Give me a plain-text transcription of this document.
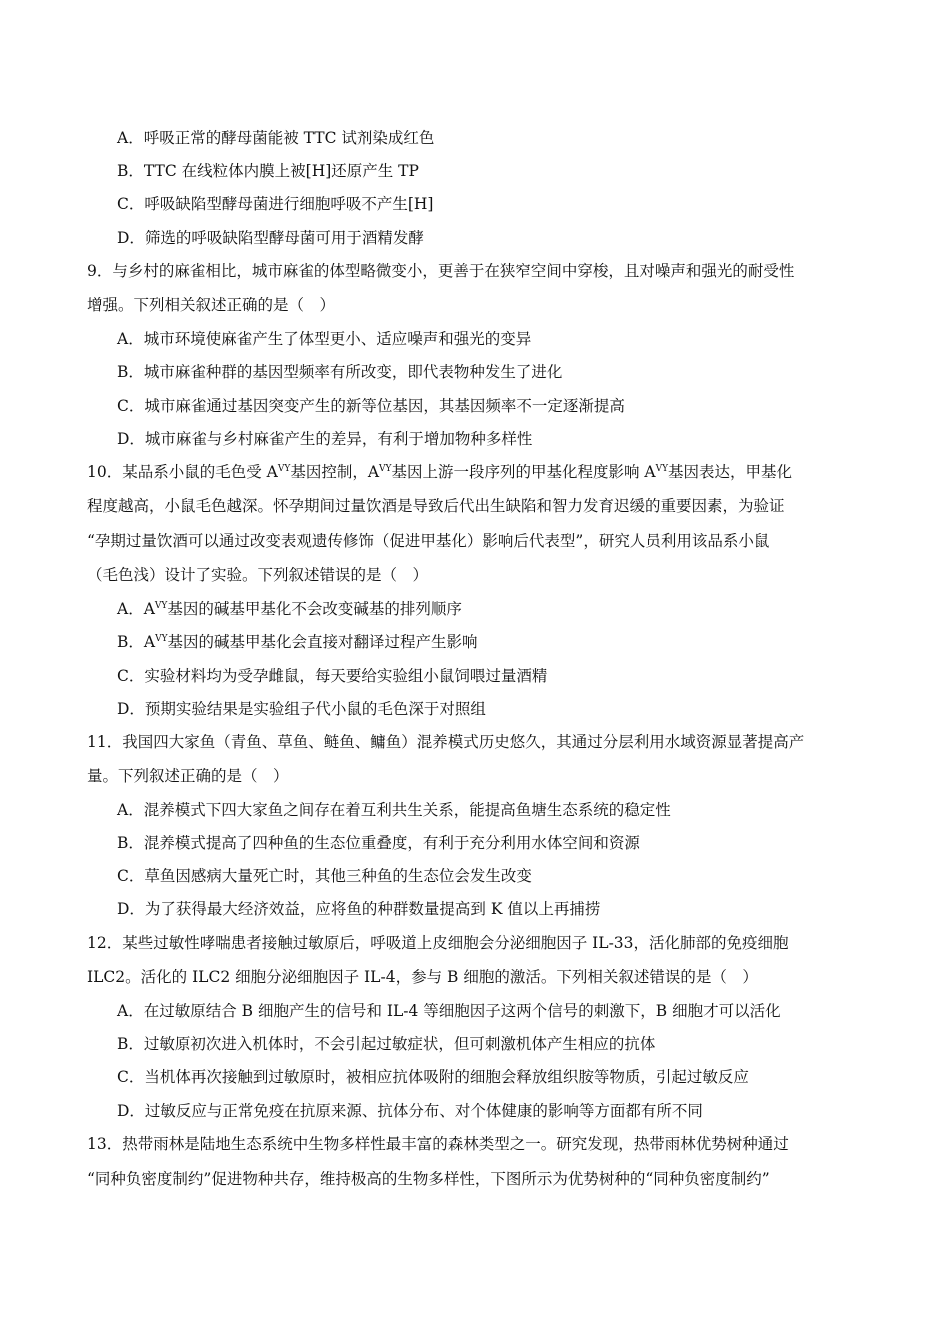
A．呼吸正常的酵母菌能被 TTC 试剂染成红色
B．TTC 在线粒体内膜上被[H]还原产生 TP
C．呼吸缺陷型酵母菌进行细胞呼吸不产生[H]
D．筛选的呼吸缺陷型酵母菌可用于酒精发酵
9．与乡村的麻雀相比，城市麻雀的体型略微变小，更善于在狭窄空间中穿梭，且对噪声和强光的耐受性
增强。下列相关叙述正确的是（　）
A．城市环境使麻雀产生了体型更小、适应噪声和强光的变异
B．城市麻雀种群的基因型频率有所改变，即代表物种发生了进化
C．城市麻雀通过基因突变产生的新等位基因，其基因频率不一定逐渐提高
D．城市麻雀与乡村麻雀产生的差异，有利于增加物种多样性
10．某品系小鼠的毛色受 $A^{VY}$基因控制，$A^{VY}$基因上游一段序列的甲基化程度影响 $A^{VY}$基因表达，甲基化
程度越高，小鼠毛色越深。怀孕期间过量饮酒是导致后代出生缺陷和智力发育迟缓的重要因素，为验证
“孕期过量饮酒可以通过改变表观遗传修饰（促进甲基化）影响后代表型”，研究人员利用该品系小鼠
（毛色浅）设计了实验。下列叙述错误的是（　）
A．$A^{VY}$基因的碱基甲基化不会改变碱基的排列顺序
B．$A^{VY}$基因的碱基甲基化会直接对翻译过程产生影响
C．实验材料均为受孕雌鼠，每天要给实验组小鼠饲喂过量酒精
D．预期实验结果是实验组子代小鼠的毛色深于对照组
11．我国四大家鱼（青鱼、草鱼、鲢鱼、鳙鱼）混养模式历史悠久，其通过分层利用水域资源显著提高产
量。下列叙述正确的是（　）
A．混养模式下四大家鱼之间存在着互利共生关系，能提高鱼塘生态系统的稳定性
B．混养模式提高了四种鱼的生态位重叠度，有利于充分利用水体空间和资源
C．草鱼因感病大量死亡时，其他三种鱼的生态位会发生改变
D．为了获得最大经济效益，应将鱼的种群数量提高到 K 值以上再捕捞
12．某些过敏性哮喘患者接触过敏原后，呼吸道上皮细胞会分泌细胞因子 IL-33，活化肺部的免疫细胞
ILC2。活化的 ILC2 细胞分泌细胞因子 IL-4，参与 B 细胞的激活。下列相关叙述错误的是（　）
A．在过敏原结合 B 细胞产生的信号和 IL-4 等细胞因子这两个信号的刺激下，B 细胞才可以活化
B．过敏原初次进入机体时，不会引起过敏症状，但可刺激机体产生相应的抗体
C．当机体再次接触到过敏原时，被相应抗体吸附的细胞会释放组织胺等物质，引起过敏反应
D．过敏反应与正常免疫在抗原来源、抗体分布、对个体健康的影响等方面都有所不同
13．热带雨林是陆地生态系统中生物多样性最丰富的森林类型之一。研究发现，热带雨林优势树种通过
“同种负密度制约”促进物种共存，维持极高的生物多样性，下图所示为优势树种的“同种负密度制约”
